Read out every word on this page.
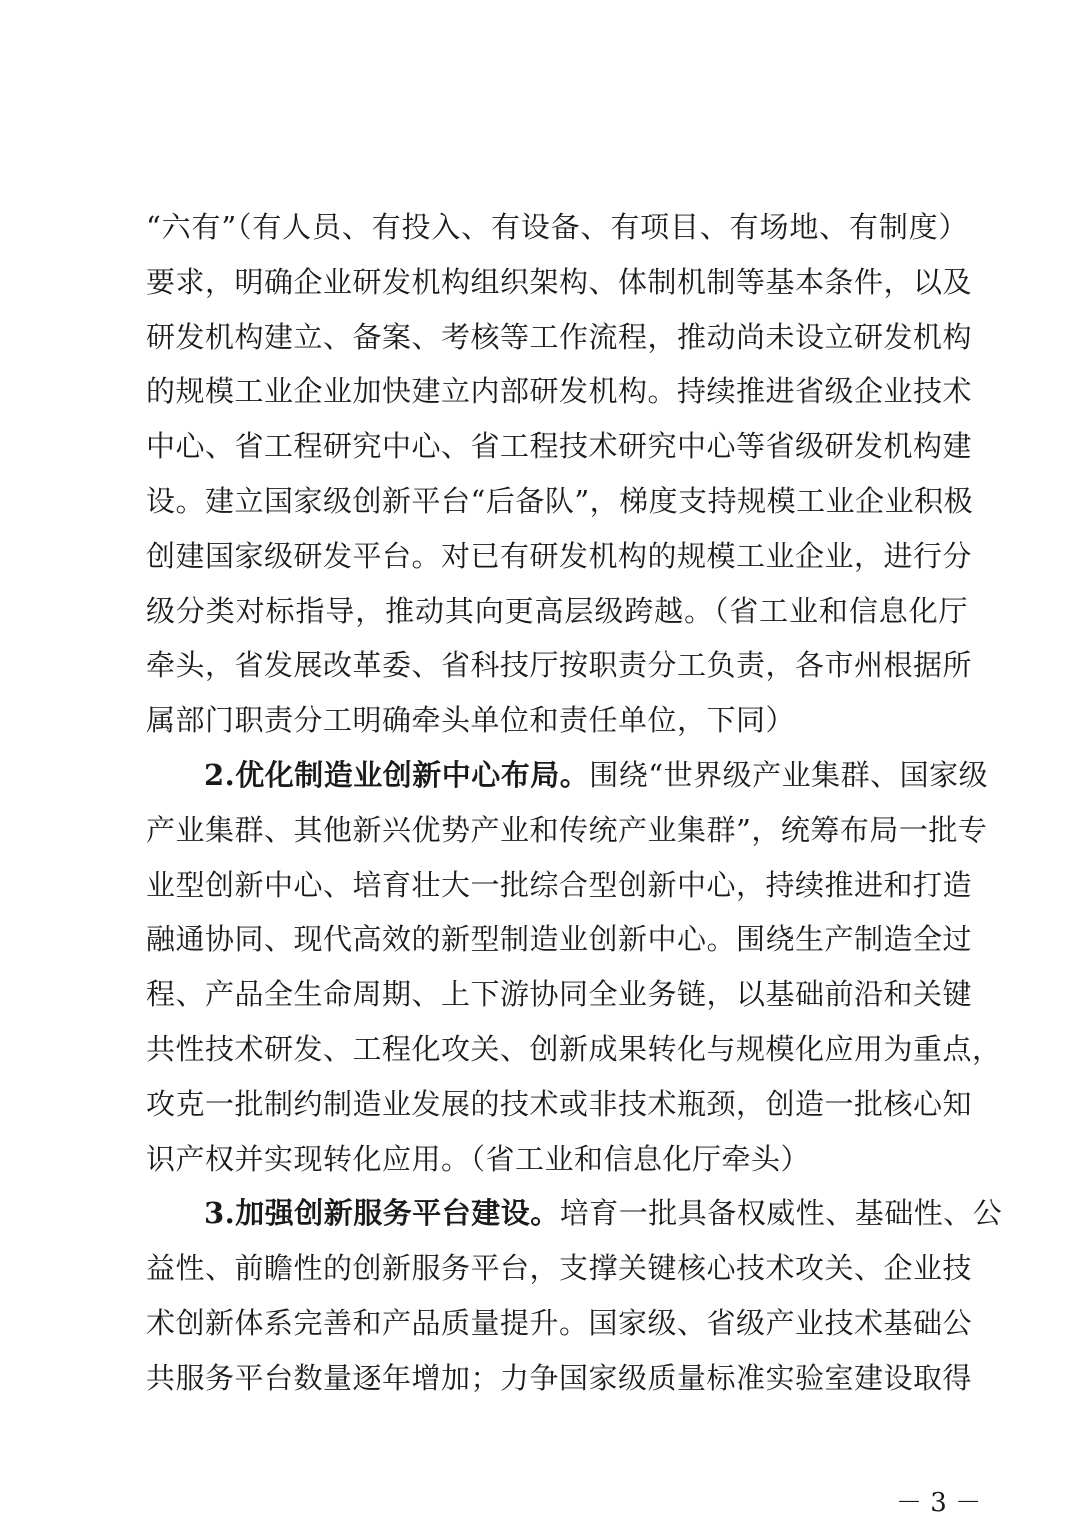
“六有”（有人员、有投入、有设备、有项目、有场地、有制度）
要求，明确企业研发机构组织架构、体制机制等基本条件，以及
研发机构建立、备案、考核等工作流程，推动尚未设立研发机构
的规模工业企业加快建立内部研发机构。持续推进省级企业技术
中心、省工程研究中心、省工程技术研究中心等省级研发机构建
设。建立国家级创新平台“后备队”，梯度支持规模工业企业积极
创建国家级研发平台。对已有研发机构的规模工业企业，进行分
级分类对标指导，推动其向更高层级跨越。（省工业和信息化厅
牵头，省发展改革委、省科技厅按职责分工负责，各市州根据所
属部门职责分工明确牵头单位和责任单位，下同）
2.优化制造业创新中心布局。围绕“世界级产业集群、国家级
产业集群、其他新兴优势产业和传统产业集群”，统筹布局一批专
业型创新中心、培育壮大一批综合型创新中心，持续推进和打造
融通协同、现代高效的新型制造业创新中心。围绕生产制造全过
程、产品全生命周期、上下游协同全业务链，以基础前沿和关键
共性技术研发、工程化攻关、创新成果转化与规模化应用为重点，
攻克一批制约制造业发展的技术或非技术瓶颈，创造一批核心知
识产权并实现转化应用。（省工业和信息化厅牵头）
3.加强创新服务平台建设。培育一批具备权威性、基础性、公
益性、前瞻性的创新服务平台，支撑关键核心技术攻关、企业技
术创新体系完善和产品质量提升。国家级、省级产业技术基础公
共服务平台数量逐年增加；力争国家级质量标准实验室建设取得
－ 3 －
